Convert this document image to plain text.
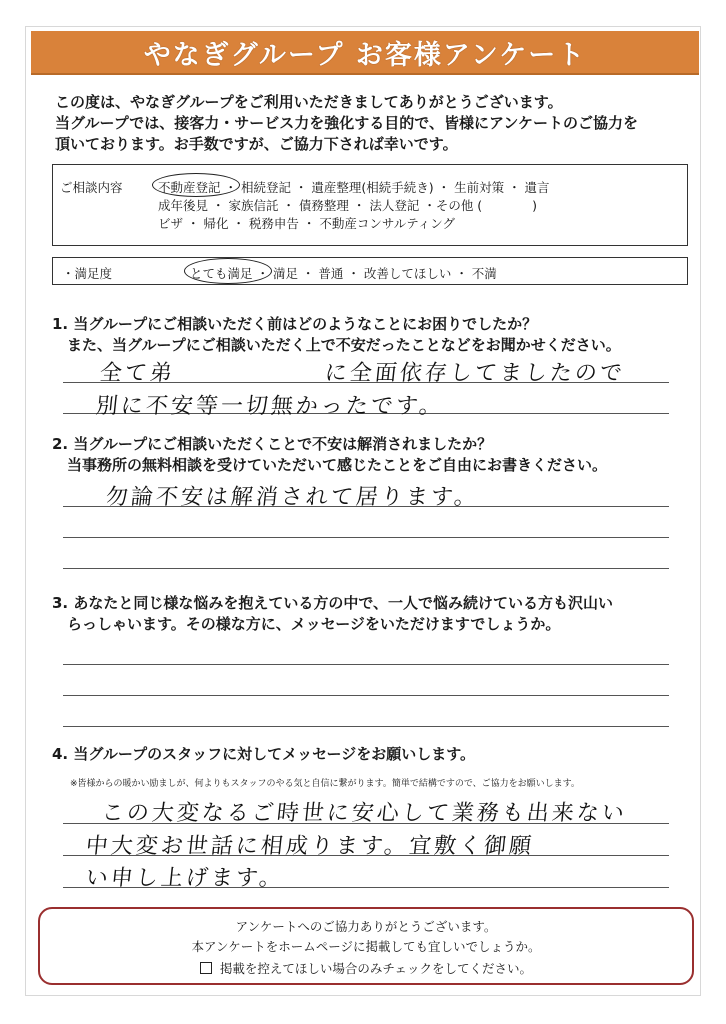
やなぎグループ お客様アンケート
この度は、やなぎグループをご利用いただきましてありがとうございます。
当グループでは、接客力・サービス力を強化する目的で、皆様にアンケートのご協力を
頂いております。お手数ですが、ご協力下されば幸いです。
ご相談内容	不動産登記 ・ 相続登記 ・ 遺産整理(相続手続き) ・ 生前対策 ・ 遺言
成年後見 ・ 家族信託 ・ 債務整理 ・ 法人登記 ・その他 (　　　　)
ビザ ・ 帰化 ・ 税務申告 ・ 不動産コンサルティング
・満足度	とても満足 ・ 満足 ・ 普通 ・ 改善してほしい ・ 不満
1. 当グループにご相談いただく前はどのようなことにお困りでしたか？
　また、当グループにご相談いただく上で不安だったことなどをお聞かせください。
全て弟　　　　　　に全面依存してましたので
別に不安等一切無かったです。
2. 当グループにご相談いただくことで不安は解消されましたか？
　当事務所の無料相談を受けていただいて感じたことをご自由にお書きください。
勿論不安は解消されて居ります。
3. あなたと同じ様な悩みを抱えている方の中で、一人で悩み続けている方も沢山い
　らっしゃいます。その様な方に、メッセージをいただけますでしょうか。
4. 当グループのスタッフに対してメッセージをお願いします。
※皆様からの暖かい励ましが、何よりもスタッフのやる気と自信に繋がります。簡単で結構ですので、ご協力をお願いします。
この大変なるご時世に安心して業務も出来ない
中大変お世話に相成ります。宜敷く御願
い申し上げます。
アンケートへのご協力ありがとうございます。
本アンケートをホームページに掲載しても宜しいでしょうか。
掲載を控えてほしい場合のみチェックをしてください。
